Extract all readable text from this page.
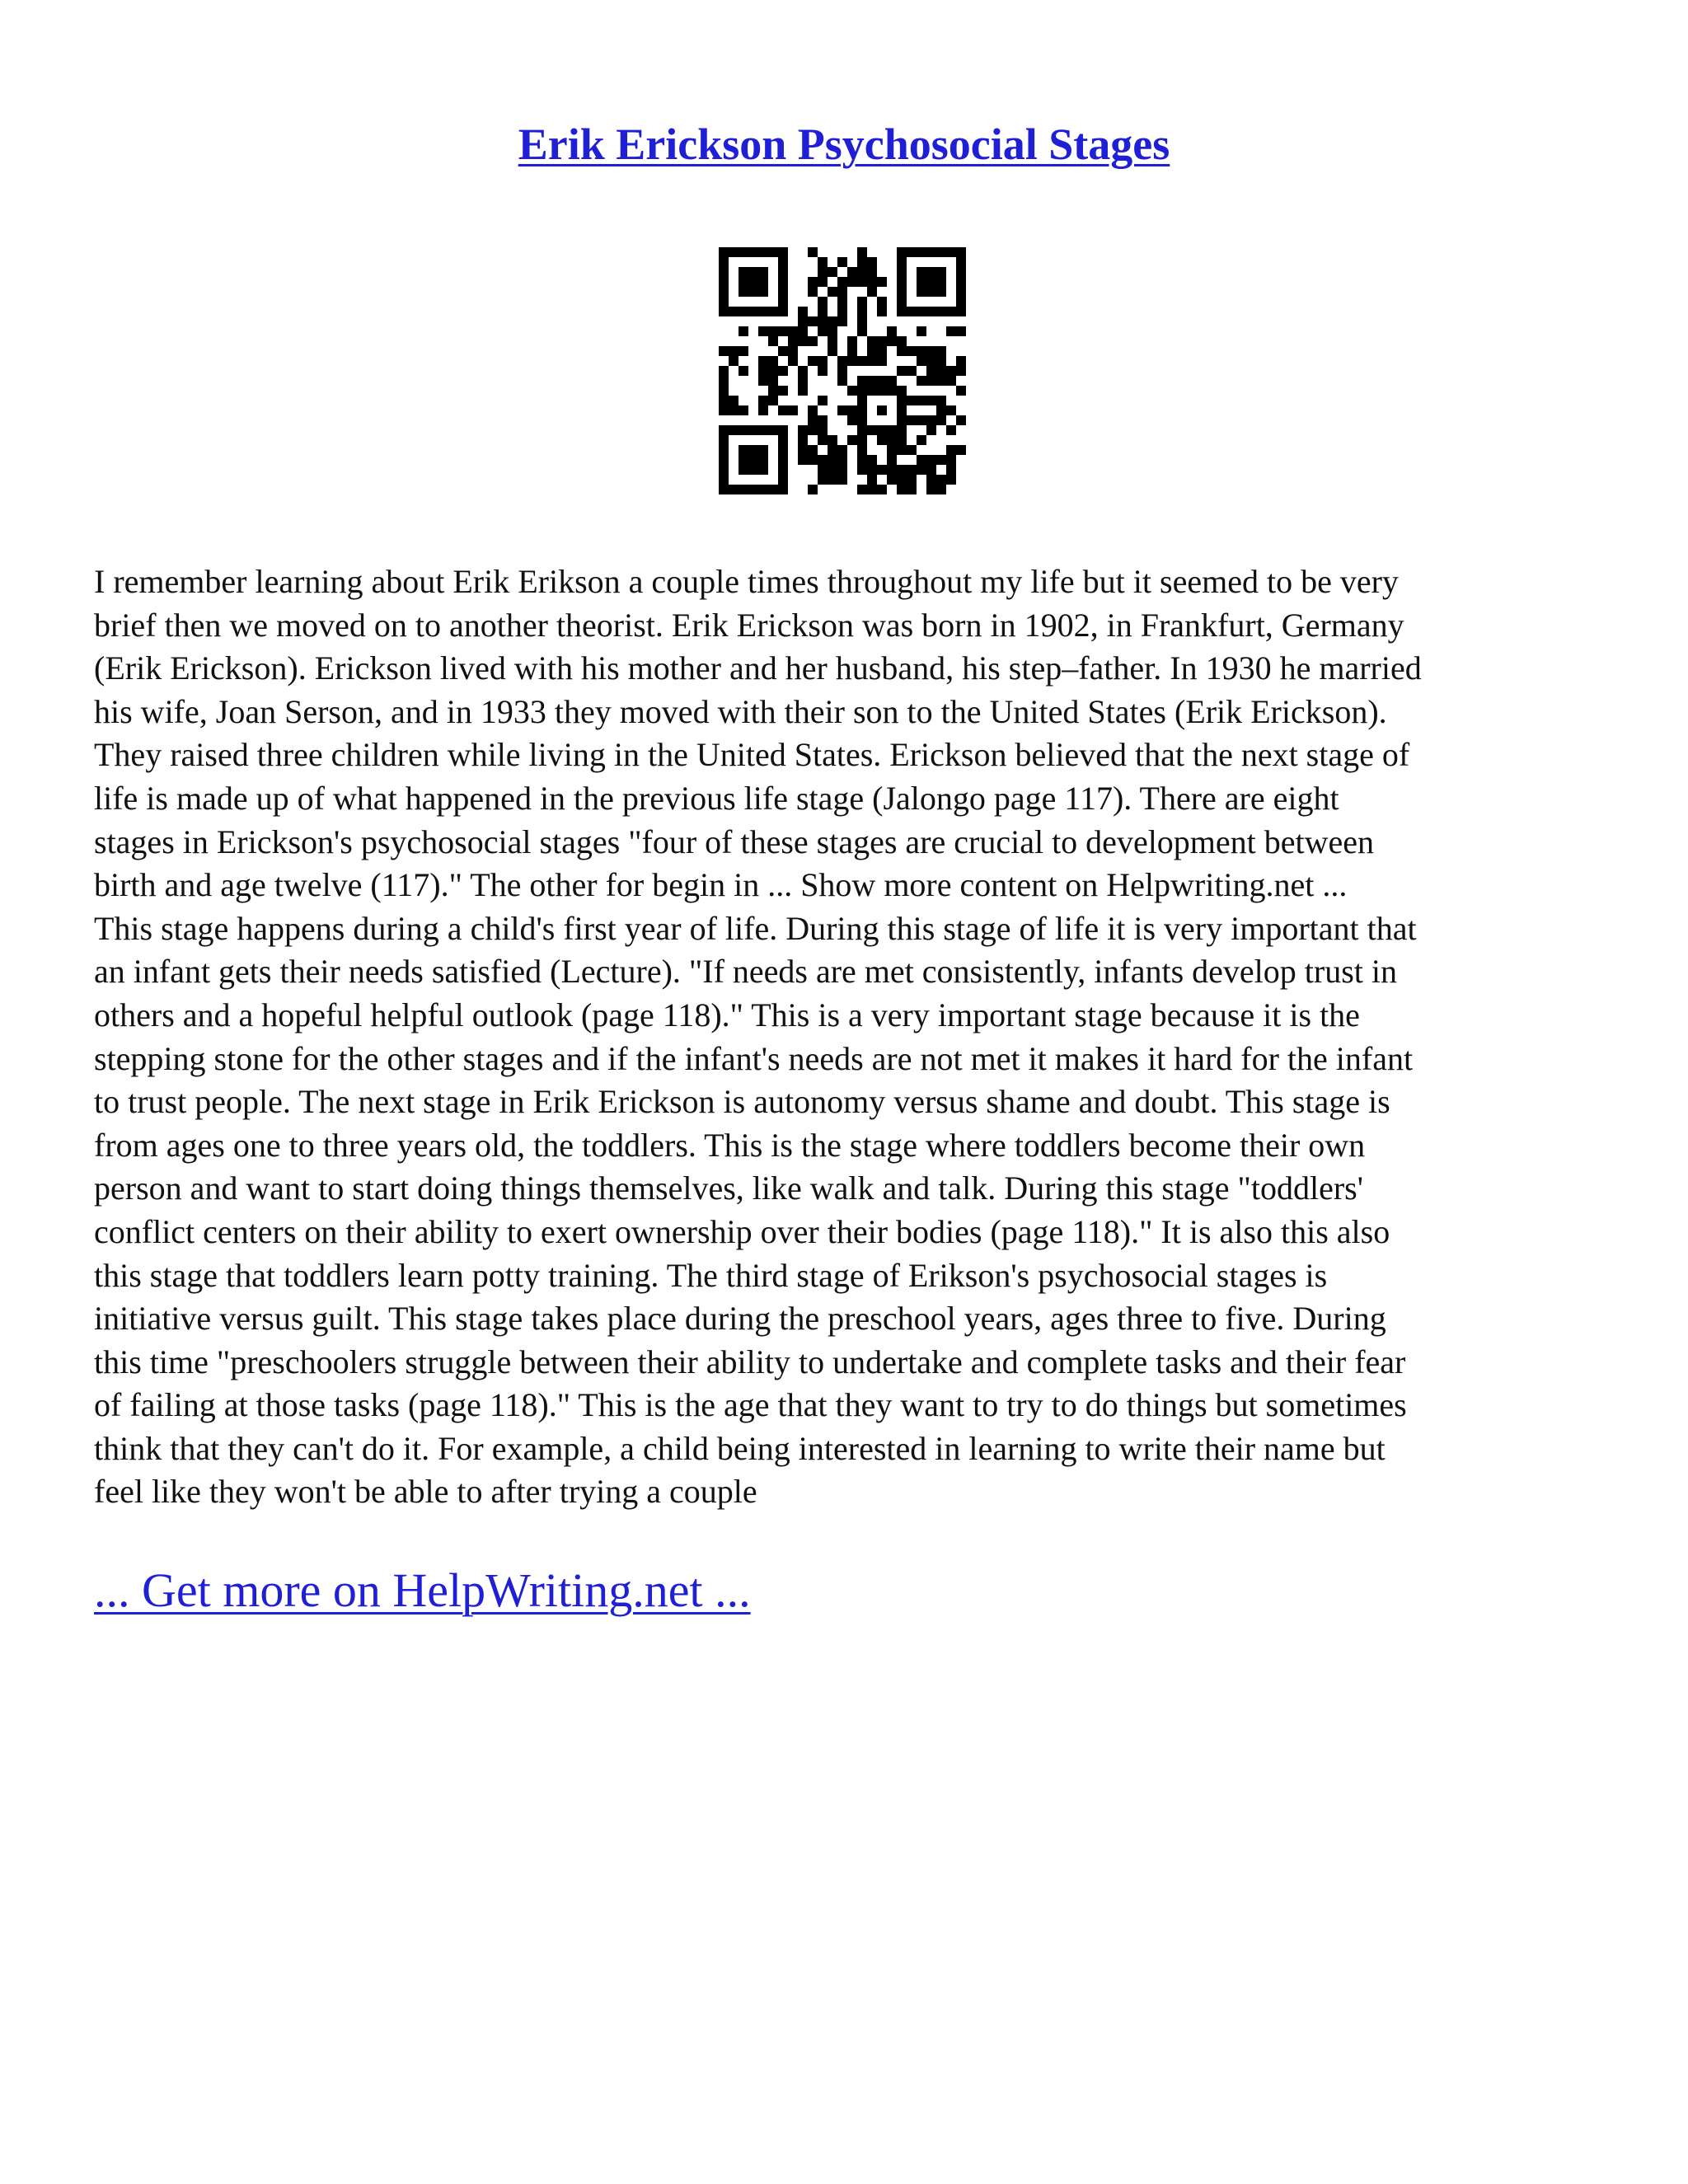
Erik Erickson Psychosocial Stages

I remember learning about Erik Erikson a couple times throughout my life but it seemed to be very
brief then we moved on to another theorist. Erik Erickson was born in 1902, in Frankfurt, Germany
(Erik Erickson). Erickson lived with his mother and her husband, his step–father. In 1930 he married
his wife, Joan Serson, and in 1933 they moved with their son to the United States (Erik Erickson).
They raised three children while living in the United States. Erickson believed that the next stage of
life is made up of what happened in the previous life stage (Jalongo page 117). There are eight
stages in Erickson's psychosocial stages "four of these stages are crucial to development between
birth and age twelve (117)." The other for begin in ... Show more content on Helpwriting.net ...
This stage happens during a child's first year of life. During this stage of life it is very important that
an infant gets their needs satisfied (Lecture). "If needs are met consistently, infants develop trust in
others and a hopeful helpful outlook (page 118)." This is a very important stage because it is the
stepping stone for the other stages and if the infant's needs are not met it makes it hard for the infant
to trust people. The next stage in Erik Erickson is autonomy versus shame and doubt. This stage is
from ages one to three years old, the toddlers. This is the stage where toddlers become their own
person and want to start doing things themselves, like walk and talk. During this stage "toddlers'
conflict centers on their ability to exert ownership over their bodies (page 118)." It is also this also
this stage that toddlers learn potty training. The third stage of Erikson's psychosocial stages is
initiative versus guilt. This stage takes place during the preschool years, ages three to five. During
this time "preschoolers struggle between their ability to undertake and complete tasks and their fear
of failing at those tasks (page 118)." This is the age that they want to try to do things but sometimes
think that they can't do it. For example, a child being interested in learning to write their name but
feel like they won't be able to after trying a couple

... Get more on HelpWriting.net ...
